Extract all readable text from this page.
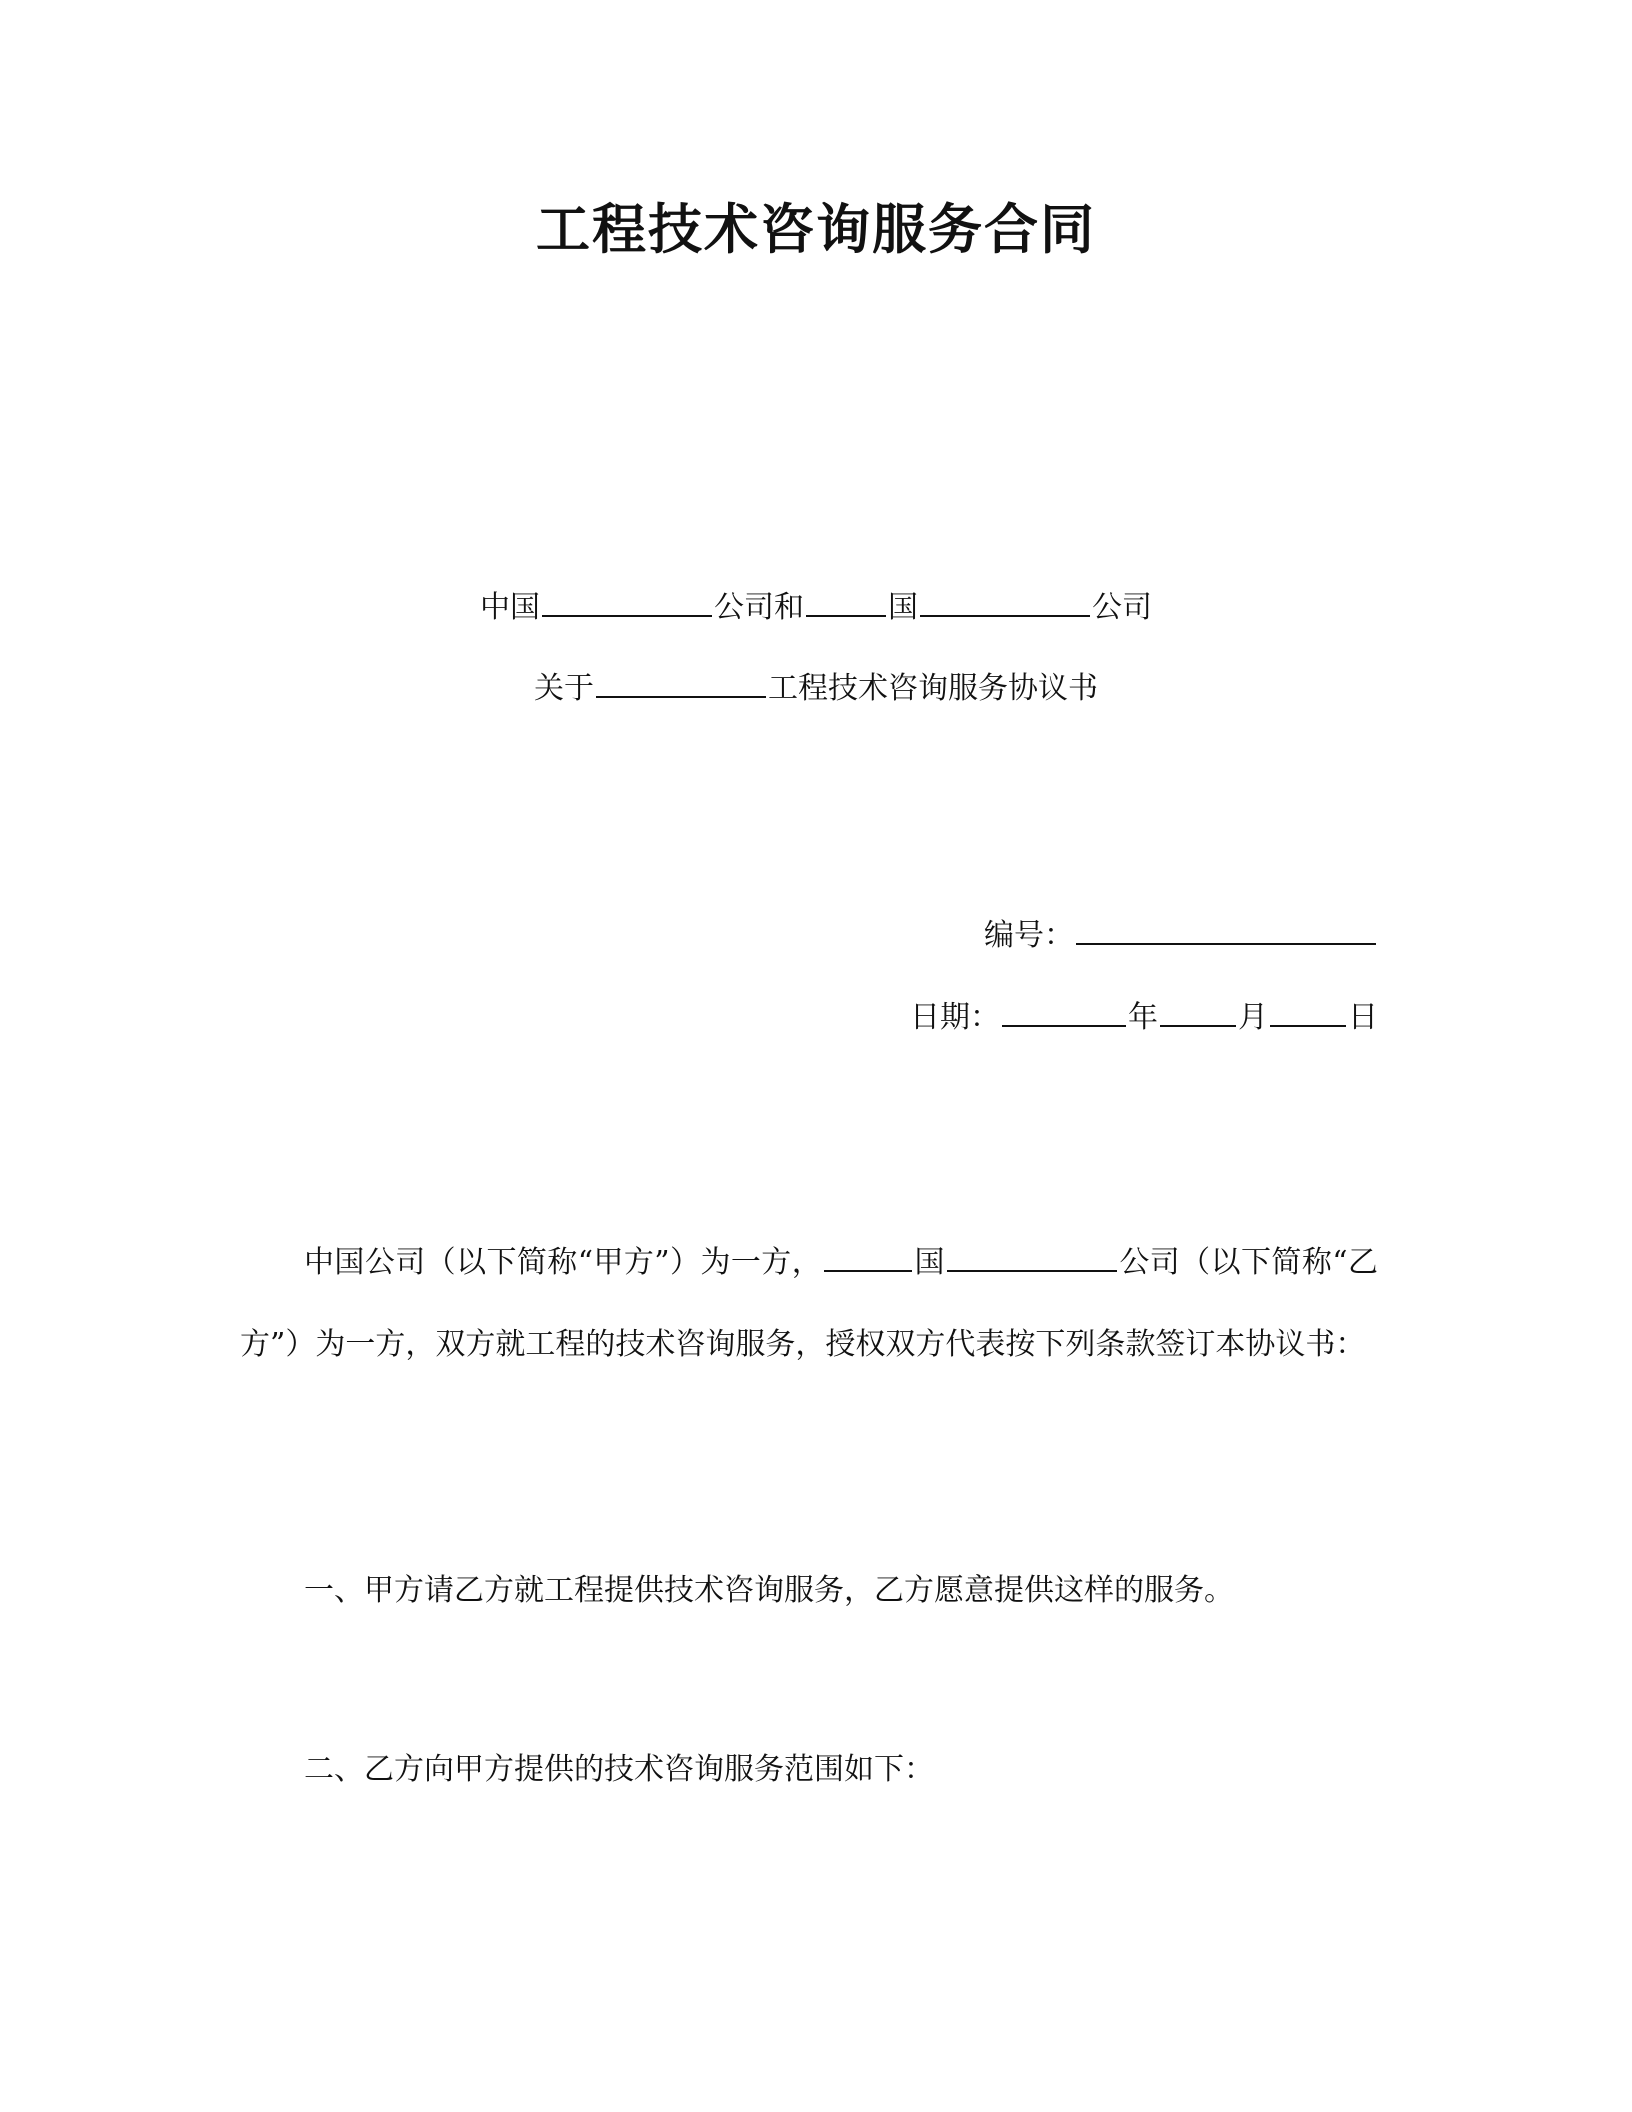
工程技术咨询服务合同
中国	公司和	国	公司
关于	工程技术咨询服务协议书
编号：
日期：	年	月	日
中国公司（以下简称“甲方”）为一方，	国	公司（以下简称“乙方”）为一方，双方就工程的技术咨询服务，授权双方代表按下列条款签订本协议书：
一、甲方请乙方就工程提供技术咨询服务，乙方愿意提供这样的服务。
二、乙方向甲方提供的技术咨询服务范围如下：
